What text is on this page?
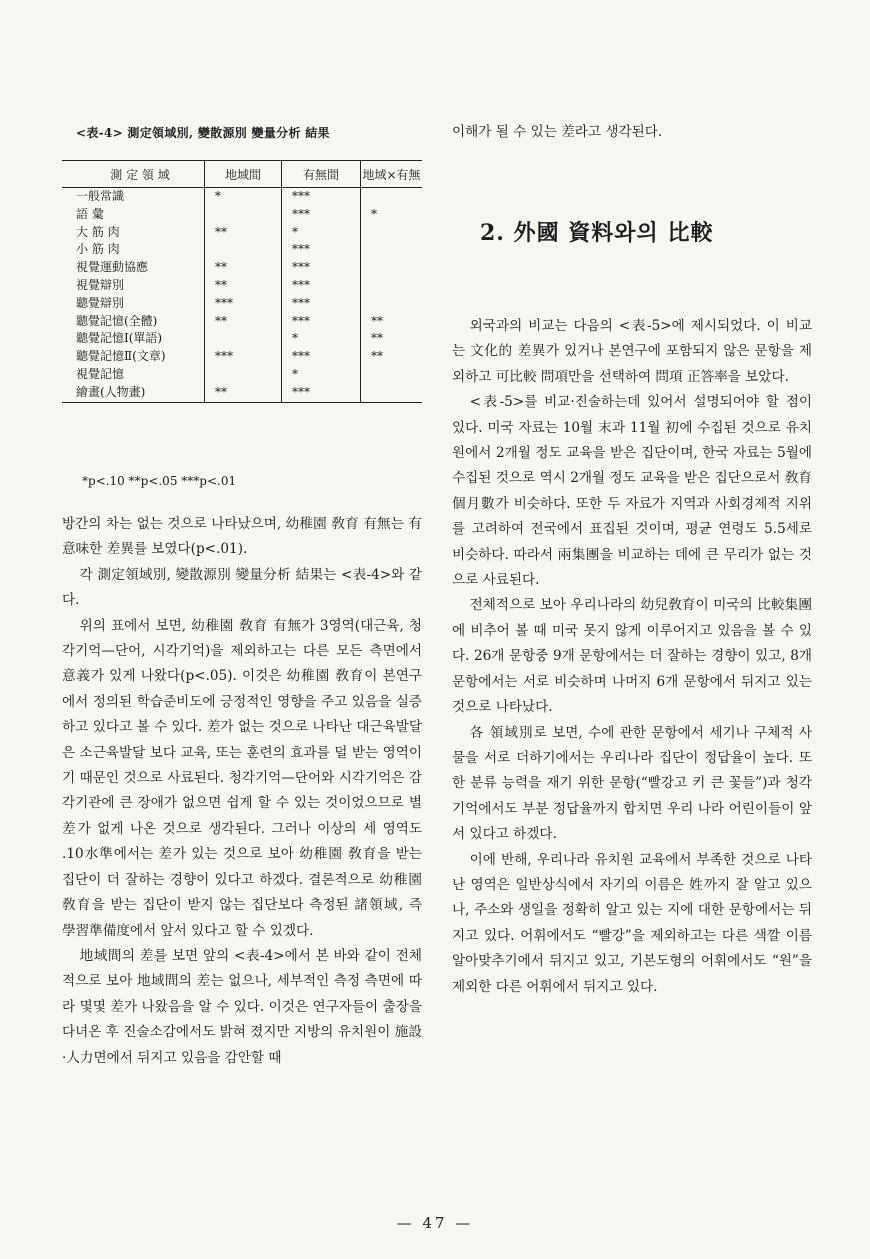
<表-4> 測定領域別, 變散源別 變量分析 結果
測 定 領 域	地域間	有無間	地域×有無
一般常識	*	***	
語 彙		***	*
大 筋 肉	**	*	
小 筋 肉		***	
視覺運動協應	**	***	
視覺辯別	**	***	
聽覺辯別	***	***	
聽覺記憶(全體)	**	***	**
聽覺記憶Ⅰ(單語)		*	**
聽覺記憶Ⅱ(文章)	***	***	**
視覺記憶		*	
繪畫(人物畫)	**	***	
*p<.10 **p<.05 ***p<.01

방간의 차는 없는 것으로 나타났으며, 幼稚園 敎育 有無는 有意味한 差異를 보였다(p<.01).

각 測定領域別, 變散源別 變量分析 結果는 <表-4>와 같다.

위의 표에서 보면, 幼稚園 敎育 有無가 3영역(대근육, 청각기억—단어, 시각기억)을 제외하고는 다른 모든 측면에서 意義가 있게 나왔다(p<.05). 이것은 幼稚園 敎育이 본연구에서 정의된 학습준비도에 긍정적인 영향을 주고 있음을 실증하고 있다고 볼 수 있다. 差가 없는 것으로 나타난 대근육발달은 소근육발달 보다 교육, 또는 훈련의 효과를 덜 받는 영역이기 때문인 것으로 사료된다. 청각기억—단어와 시각기억은 감각기관에 큰 장애가 없으면 쉽게 할 수 있는 것이었으므로 별 差가 없게 나온 것으로 생각된다. 그러나 이상의 세 영역도 .10水準에서는 差가 있는 것으로 보아 幼稚園 敎育을 받는 집단이 더 잘하는 경향이 있다고 하겠다. 결론적으로 幼稚園 敎育을 받는 집단이 받지 않는 집단보다 측정된 諸領域, 즉 學習準備度에서 앞서 있다고 할 수 있겠다.

地域間의 差를 보면 앞의 <表-4>에서 본 바와 같이 전체적으로 보아 地域間의 差는 없으나, 세부적인 측정 측면에 따라 몇몇 差가 나왔음을 알 수 있다. 이것은 연구자들이 출장을 다녀온 후 진술소감에서도 밝혀 졌지만 지방의 유치원이 施設·人力면에서 뒤지고 있음을 감안할 때

이해가 될 수 있는 差라고 생각된다.
2. 外國 資料와의 比較

외국과의 비교는 다음의 <表-5>에 제시되었다. 이 비교는 文化的 差異가 있거나 본연구에 포함되지 않은 문항을 제외하고 可比較 問項만을 선택하여 問項 正答率을 보았다.

<表-5>를 비교·진술하는데 있어서 설명되어야 할 점이 있다. 미국 자료는 10월 末과 11월 初에 수집된 것으로 유치원에서 2개월 정도 교육을 받은 집단이며, 한국 자료는 5월에 수집된 것으로 역시 2개월 정도 교육을 받은 집단으로서 敎育 個月數가 비슷하다. 또한 두 자료가 지역과 사회경제적 지위를 고려하여 전국에서 표집된 것이며, 평균 연령도 5.5세로 비슷하다. 따라서 兩集團을 비교하는 데에 큰 무리가 없는 것으로 사료된다.

전체적으로 보아 우리나라의 幼兒敎育이 미국의 比較集團에 비추어 볼 때 미국 못지 않게 이루어지고 있음을 볼 수 있다. 26개 문항중 9개 문항에서는 더 잘하는 경향이 있고, 8개 문항에서는 서로 비슷하며 나머지 6개 문항에서 뒤지고 있는 것으로 나타났다.

各 領域別로 보면, 수에 관한 문항에서 세기나 구체적 사물을 서로 더하기에서는 우리나라 집단이 정답율이 높다. 또한 분류 능력을 재기 위한 문항(“빨강고 키 큰 꽃들”)과 청각기억에서도 부분 정답율까지 합치면 우리 나라 어린이들이 앞서 있다고 하겠다.

이에 반해, 우리나라 유치원 교육에서 부족한 것으로 나타난 영역은 일반상식에서 자기의 이름은 姓까지 잘 알고 있으나, 주소와 생일을 정확히 알고 있는 지에 대한 문항에서는 뒤지고 있다. 어휘에서도 “빨강”을 제외하고는 다른 색깔 이름 알아맞추기에서 뒤지고 있고, 기본도형의 어휘에서도 “원”을 제외한 다른 어휘에서 뒤지고 있다.

— 47 —
